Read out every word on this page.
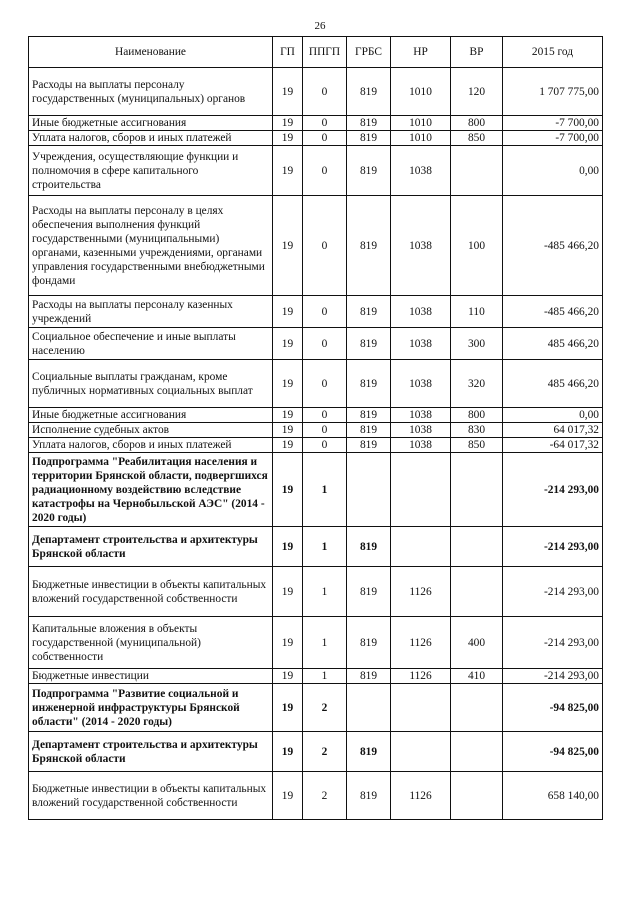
26
Наименование	ГП	ППГП	ГРБС	НР	ВР	2015 год
Расходы на выплаты персоналу государственных (муниципальных) органов	19	0	819	1010	120	1 707 775,00
Иные бюджетные ассигнования	19	0	819	1010	800	-7 700,00
Уплата налогов, сборов и иных платежей	19	0	819	1010	850	-7 700,00
Учреждения, осуществляющие функции и полномочия в сфере капитального строительства	19	0	819	1038		0,00
Расходы на выплаты персоналу в целях обеспечения выполнения функций государственными (муниципальными) органами, казенными учреждениями, органами управления государственными внебюджетными фондами	19	0	819	1038	100	-485 466,20
Расходы на выплаты персоналу казенных учреждений	19	0	819	1038	110	-485 466,20
Социальное обеспечение и иные выплаты населению	19	0	819	1038	300	485 466,20
Социальные выплаты гражданам, кроме публичных нормативных социальных выплат	19	0	819	1038	320	485 466,20
Иные бюджетные ассигнования	19	0	819	1038	800	0,00
Исполнение судебных актов	19	0	819	1038	830	64 017,32
Уплата налогов, сборов и иных платежей	19	0	819	1038	850	-64 017,32
Подпрограмма "Реабилитация населения и территории Брянской области, подвергшихся радиационному воздействию вследствие катастрофы на Чернобыльской АЭС" (2014 - 2020 годы)	19	1				-214 293,00
Департамент строительства и архитектуры Брянской области	19	1	819			-214 293,00
Бюджетные инвестиции в объекты капитальных вложений государственной собственности	19	1	819	1126		-214 293,00
Капитальные вложения в объекты государственной (муниципальной) собственности	19	1	819	1126	400	-214 293,00
Бюджетные инвестиции	19	1	819	1126	410	-214 293,00
Подпрограмма "Развитие социальной и инженерной инфраструктуры Брянской области" (2014 - 2020 годы)	19	2				-94 825,00
Департамент строительства и архитектуры Брянской области	19	2	819			-94 825,00
Бюджетные инвестиции в объекты капитальных вложений государственной собственности	19	2	819	1126		658 140,00
